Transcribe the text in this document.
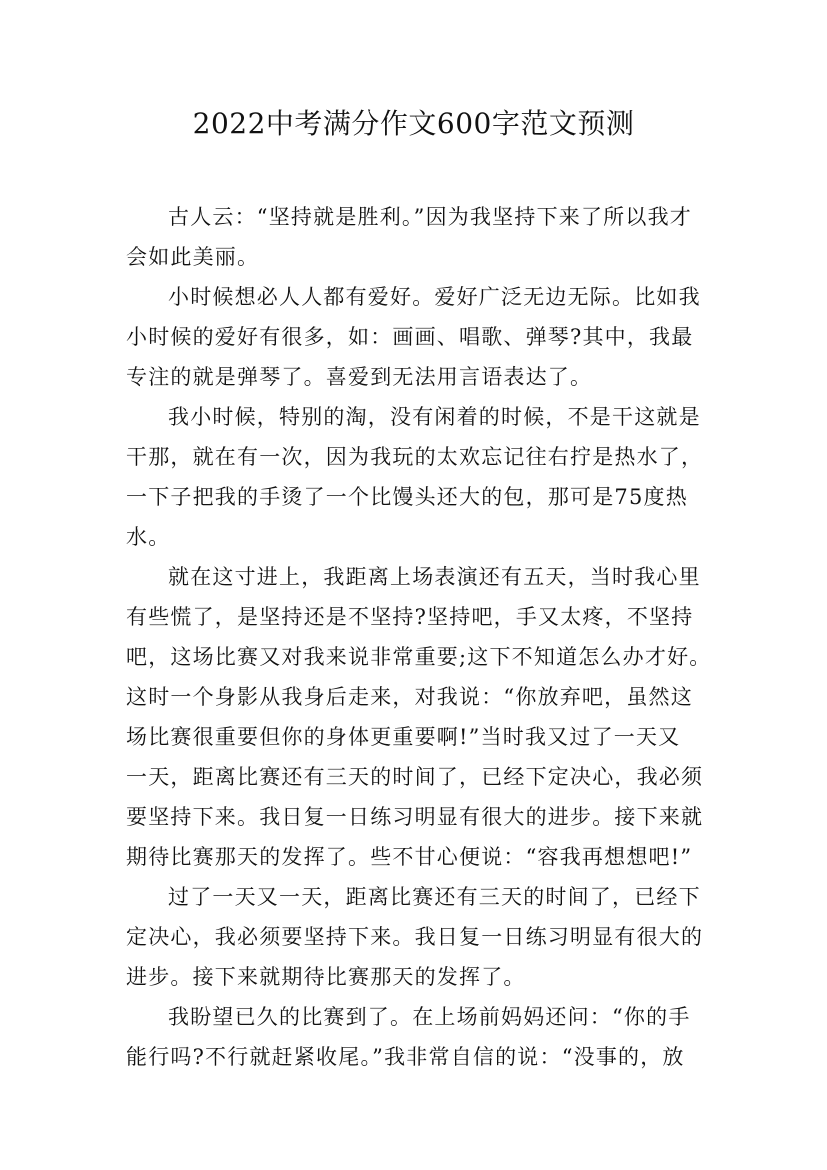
2022中考满分作文600字范文预测
古人云：“坚持就是胜利。”因为我坚持下来了所以我才
会如此美丽。
小时候想必人人都有爱好。爱好广泛无边无际。比如我
小时候的爱好有很多，如：画画、唱歌、弹琴?其中，我最
专注的就是弹琴了。喜爱到无法用言语表达了。
我小时候，特别的淘，没有闲着的时候，不是干这就是
干那，就在有一次，因为我玩的太欢忘记往右拧是热水了，
一下子把我的手烫了一个比馒头还大的包，那可是75度热
水。
就在这寸进上，我距离上场表演还有五天，当时我心里
有些慌了，是坚持还是不坚持?坚持吧，手又太疼，不坚持
吧，这场比赛又对我来说非常重要;这下不知道怎么办才好。
这时一个身影从我身后走来，对我说：“你放弃吧，虽然这
场比赛很重要但你的身体更重要啊!”当时我又过了一天又
一天，距离比赛还有三天的时间了，已经下定决心，我必须
要坚持下来。我日复一日练习明显有很大的进步。接下来就
期待比赛那天的发挥了。些不甘心便说：“容我再想想吧!”
过了一天又一天，距离比赛还有三天的时间了，已经下
定决心，我必须要坚持下来。我日复一日练习明显有很大的
进步。接下来就期待比赛那天的发挥了。
我盼望已久的比赛到了。在上场前妈妈还问：“你的手
能行吗?不行就赶紧收尾。”我非常自信的说：“没事的，放
